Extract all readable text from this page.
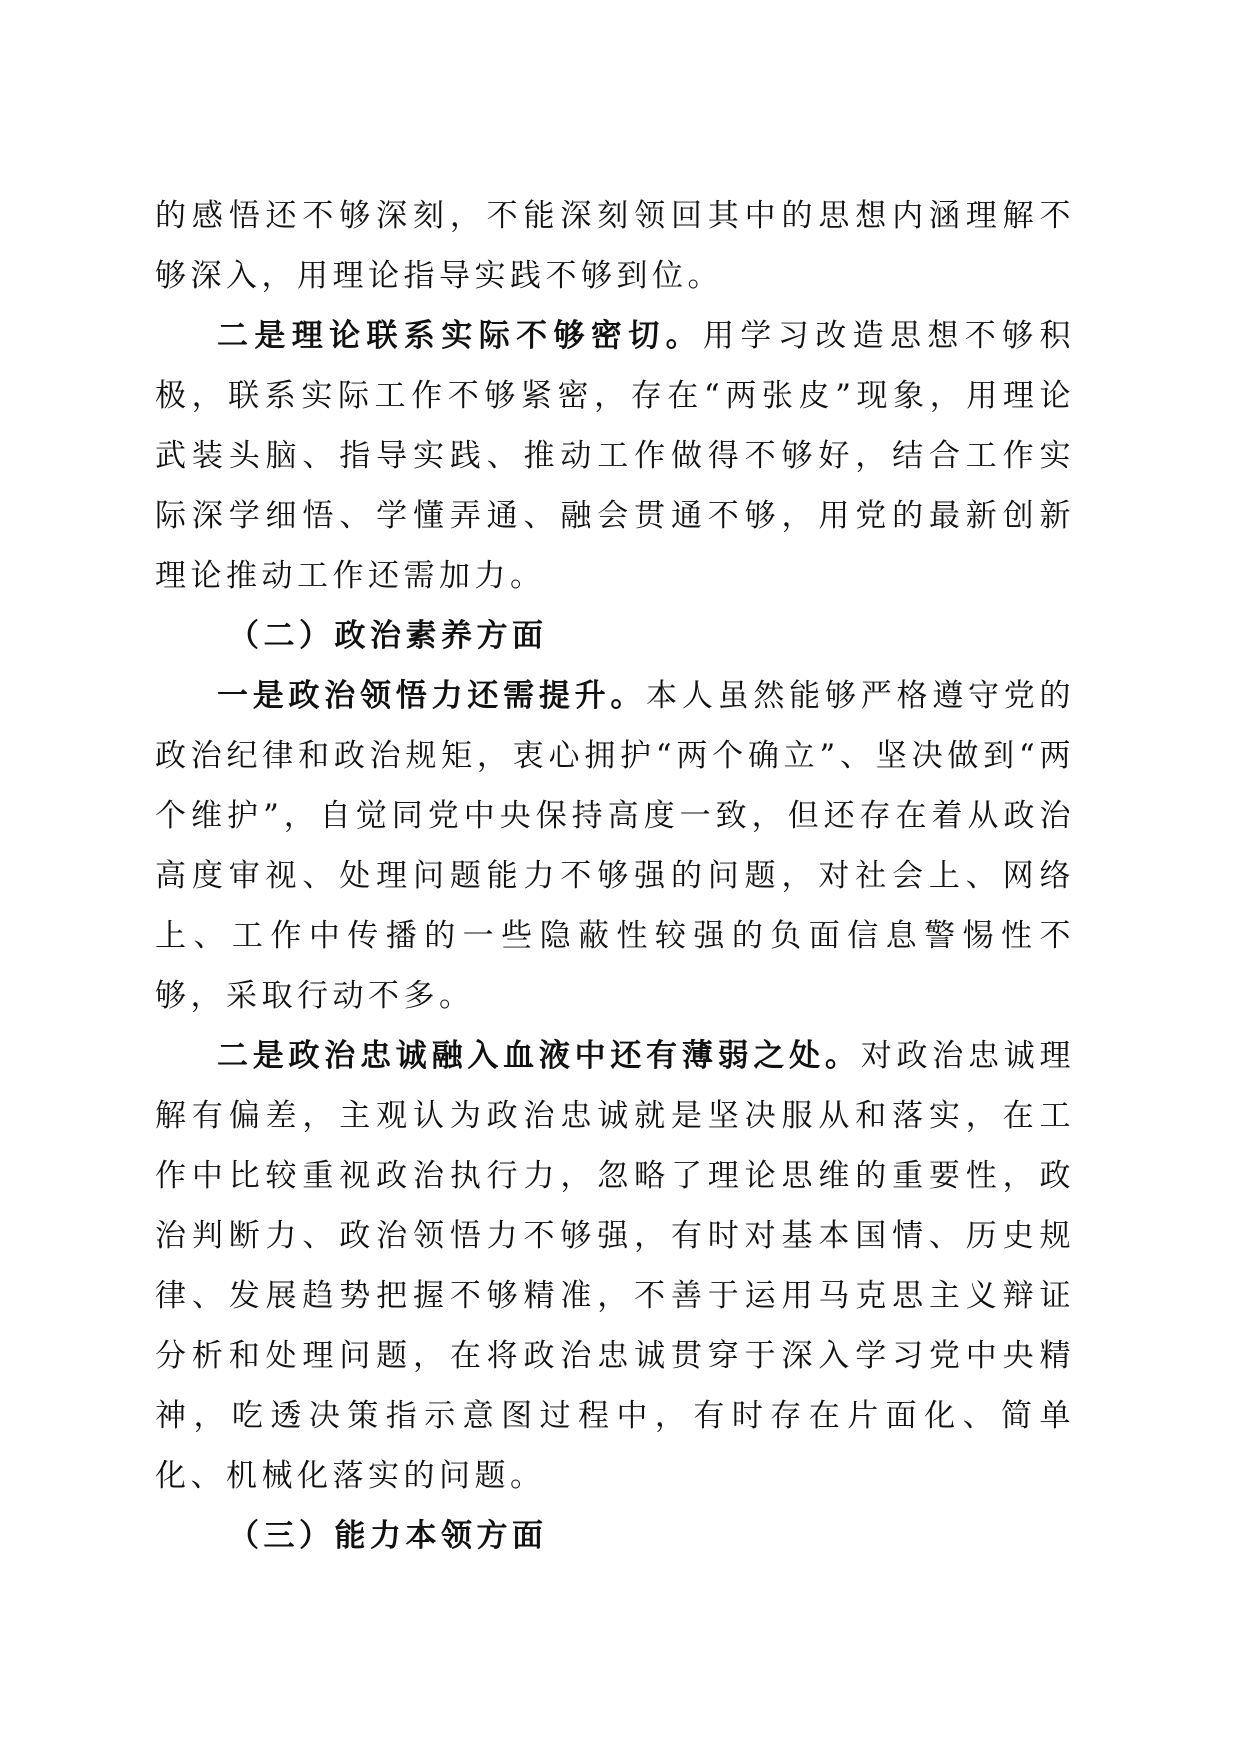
的感悟还不够深刻，不能深刻领回其中的思想内涵理解不够深入，用理论指导实践不够到位。

二是理论联系实际不够密切。用学习改造思想不够积极，联系实际工作不够紧密，存在“两张皮”现象，用理论武装头脑、指导实践、推动工作做得不够好，结合工作实际深学细悟、学懂弄通、融会贯通不够，用党的最新创新理论推动工作还需加力。

（二）政治素养方面

一是政治领悟力还需提升。本人虽然能够严格遵守党的政治纪律和政治规矩，衷心拥护“两个确立”、坚决做到“两个维护”，自觉同党中央保持高度一致，但还存在着从政治高度审视、处理问题能力不够强的问题，对社会上、网络上、工作中传播的一些隐蔽性较强的负面信息警惕性不够，采取行动不多。

二是政治忠诚融入血液中还有薄弱之处。对政治忠诚理解有偏差，主观认为政治忠诚就是坚决服从和落实，在工作中比较重视政治执行力，忽略了理论思维的重要性，政治判断力、政治领悟力不够强，有时对基本国情、历史规律、发展趋势把握不够精准，不善于运用马克思主义辩证分析和处理问题，在将政治忠诚贯穿于深入学习党中央精神，吃透决策指示意图过程中，有时存在片面化、简单化、机械化落实的问题。

（三）能力本领方面
